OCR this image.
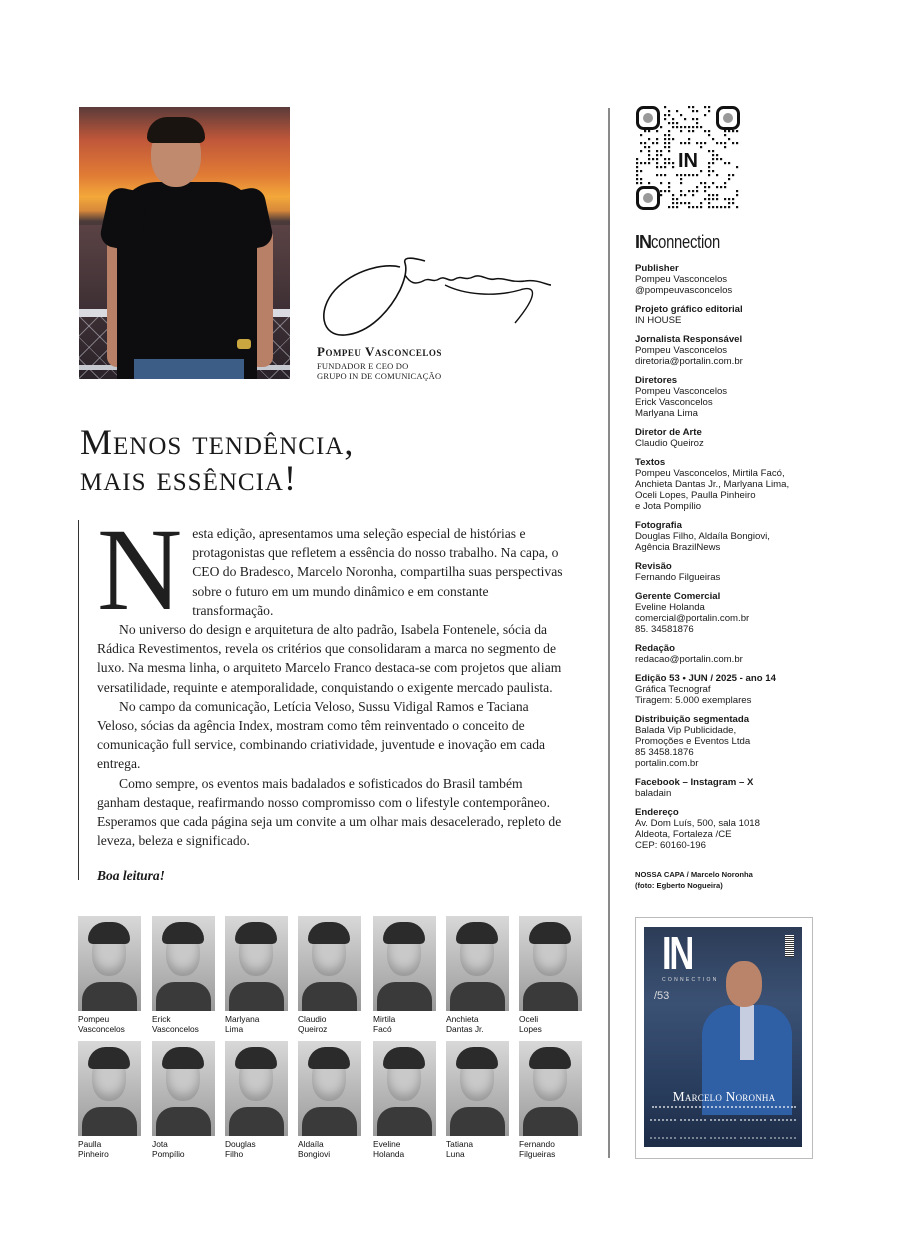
Pompeu Vasconcelos
FUNDADOR E CEO DO
GRUPO IN DE COMUNICAÇÃO
Menos tendência,
mais essência!
N esta edição, apresentamos uma seleção especial de histórias e protagonistas que refletem a essência do nosso trabalho. Na capa, o CEO do Bradesco, Marcelo Noronha, compartilha suas perspectivas sobre o futuro em um mundo dinâmico e em constante transformação.

No universo do design e arquitetura de alto padrão, Isabela Fontenele, sócia da Rádica Revestimentos, revela os critérios que consolidaram a marca no segmento de luxo. Na mesma linha, o arquiteto Marcelo Franco destaca-se com projetos que aliam versatilidade, requinte e atemporalidade, conquistando o exigente mercado paulista.

No campo da comunicação, Letícia Veloso, Sussu Vidigal Ramos e Taciana Veloso, sócias da agência Index, mostram como têm reinventado o conceito de comunicação full service, combinando criatividade, juventude e inovação em cada entrega.

Como sempre, os eventos mais badalados e sofisticados do Brasil também ganham destaque, reafirmando nosso compromisso com o lifestyle contemporâneo. Esperamos que cada página seja um convite a um olhar mais desacelerado, repleto de leveza, beleza e significado.

Boa leitura!
Pompeu
Vasconcelos
Erick
Vasconcelos
Marlyana
Lima
Claudio
Queiroz
Mirtila
Facó
Anchieta
Dantas Jr.
Oceli
Lopes
Paulla
Pinheiro
Jota
Pompílio
Douglas
Filho
Aldaíla
Bongiovi
Eveline
Holanda
Tatiana
Luna
Fernando
Filgueiras
IN
INconnection
Publisher
Pompeu Vasconcelos
@pompeuvasconcelos
Projeto gráfico editorial
IN HOUSE
Jornalista Responsável
Pompeu Vasconcelos
diretoria@portalin.com.br
Diretores
Pompeu Vasconcelos
Erick Vasconcelos
Marlyana Lima
Diretor de Arte
Claudio Queiroz
Textos
Pompeu Vasconcelos, Mirtila Facó,
Anchieta Dantas Jr., Marlyana Lima,
Oceli Lopes, Paulla Pinheiro
e Jota Pompílio
Fotografia
Douglas Filho, Aldaíla Bongiovi,
Agência BrazilNews
Revisão
Fernando Filgueiras
Gerente Comercial
Eveline Holanda
comercial@portalin.com.br
85. 34581876
Redação
redacao@portalin.com.br
Edição 53 • JUN / 2025 - ano 14
Gráfica Tecnograf
Tiragem: 5.000 exemplares
Distribuição segmentada
Balada Vip Publicidade,
Promoções e Eventos Ltda
85 3458.1876
portalin.com.br
Facebook – Instagram – X
baladain
Endereço
Av. Dom Luís, 500, sala 1018
Aldeota, Fortaleza /CE
CEP: 60160-196
NOSSA CAPA / Marcelo Noronha
(foto: Egberto Nogueira)
IN
CONNECTION
/53
Marcelo Noronha
